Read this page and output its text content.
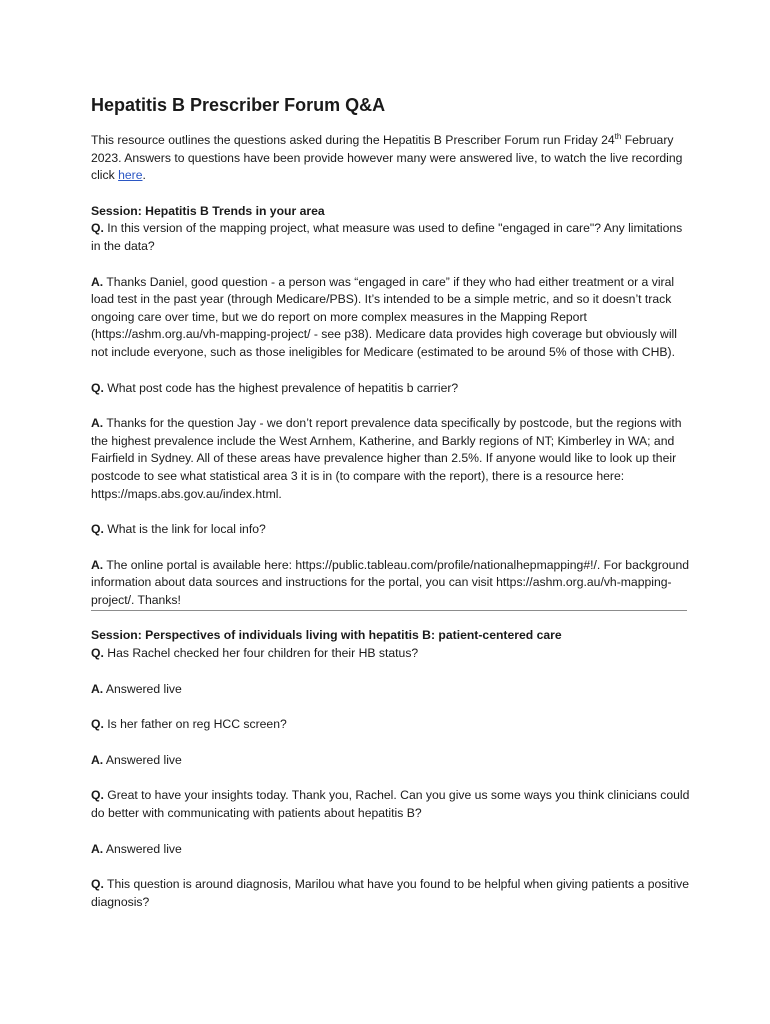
Hepatitis B Prescriber Forum Q&A

This resource outlines the questions asked during the Hepatitis B Prescriber Forum run Friday 24th February 2023. Answers to questions have been provide however many were answered live, to watch the live recording click here.

Session: Hepatitis B Trends in your area

Q. In this version of the mapping project, what measure was used to define "engaged in care"? Any limitations in the data?

A. Thanks Daniel, good question - a person was “engaged in care” if they who had either treatment or a viral load test in the past year (through Medicare/PBS). It’s intended to be a simple metric, and so it doesn’t track ongoing care over time, but we do report on more complex measures in the Mapping Report (https://ashm.org.au/vh-mapping-project/ - see p38). Medicare data provides high coverage but obviously will not include everyone, such as those ineligibles for Medicare (estimated to be around 5% of those with CHB).

Q. What post code has the highest prevalence of hepatitis b carrier?

A. Thanks for the question Jay - we don’t report prevalence data specifically by postcode, but the regions with the highest prevalence include the West Arnhem, Katherine, and Barkly regions of NT; Kimberley in WA; and Fairfield in Sydney. All of these areas have prevalence higher than 2.5%. If anyone would like to look up their postcode to see what statistical area 3 it is in (to compare with the report), there is a resource here: https://maps.abs.gov.au/index.html.

Q. What is the link for local info?

A. The online portal is available here: https://public.tableau.com/profile/nationalhepmapping#!/. For background information about data sources and instructions for the portal, you can visit https://ashm.org.au/vh-mapping-project/. Thanks!

Session: Perspectives of individuals living with hepatitis B: patient-centered care

Q. Has Rachel checked her four children for their HB status?

A. Answered live

Q. Is her father on reg HCC screen?

A. Answered live

Q. Great to have your insights today. Thank you, Rachel. Can you give us some ways you think clinicians could do better with communicating with patients about hepatitis B?

A. Answered live

Q. This question is around diagnosis, Marilou what have you found to be helpful when giving patients a positive diagnosis?
